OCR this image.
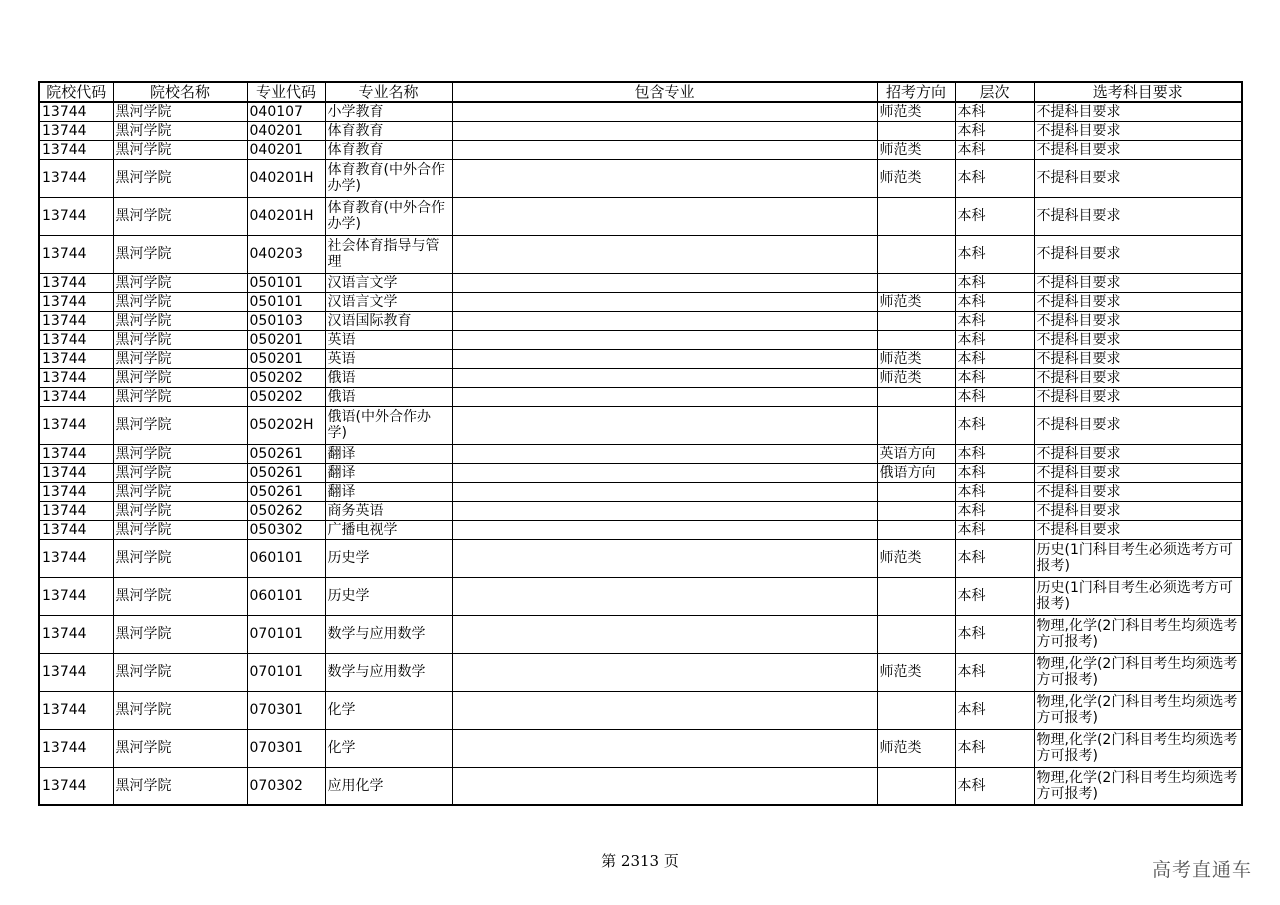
院校代码	院校名称	专业代码	专业名称	包含专业	招考方向	层次	选考科目要求
13744	黑河学院	040107	小学教育		师范类	本科	不提科目要求
13744	黑河学院	040201	体育教育			本科	不提科目要求
13744	黑河学院	040201	体育教育		师范类	本科	不提科目要求
13744	黑河学院	040201H	体育教育(中外合作办学)		师范类	本科	不提科目要求
13744	黑河学院	040201H	体育教育(中外合作办学)			本科	不提科目要求
13744	黑河学院	040203	社会体育指导与管理			本科	不提科目要求
13744	黑河学院	050101	汉语言文学			本科	不提科目要求
13744	黑河学院	050101	汉语言文学		师范类	本科	不提科目要求
13744	黑河学院	050103	汉语国际教育			本科	不提科目要求
13744	黑河学院	050201	英语			本科	不提科目要求
13744	黑河学院	050201	英语		师范类	本科	不提科目要求
13744	黑河学院	050202	俄语		师范类	本科	不提科目要求
13744	黑河学院	050202	俄语			本科	不提科目要求
13744	黑河学院	050202H	俄语(中外合作办学)			本科	不提科目要求
13744	黑河学院	050261	翻译		英语方向	本科	不提科目要求
13744	黑河学院	050261	翻译		俄语方向	本科	不提科目要求
13744	黑河学院	050261	翻译			本科	不提科目要求
13744	黑河学院	050262	商务英语			本科	不提科目要求
13744	黑河学院	050302	广播电视学			本科	不提科目要求
13744	黑河学院	060101	历史学		师范类	本科	历史(1门科目考生必须选考方可报考)
13744	黑河学院	060101	历史学			本科	历史(1门科目考生必须选考方可报考)
13744	黑河学院	070101	数学与应用数学			本科	物理,化学(2门科目考生均须选考方可报考)
13744	黑河学院	070101	数学与应用数学		师范类	本科	物理,化学(2门科目考生均须选考方可报考)
13744	黑河学院	070301	化学			本科	物理,化学(2门科目考生均须选考方可报考)
13744	黑河学院	070301	化学		师范类	本科	物理,化学(2门科目考生均须选考方可报考)
13744	黑河学院	070302	应用化学			本科	物理,化学(2门科目考生均须选考方可报考)
第 2313 页	高考直通车
